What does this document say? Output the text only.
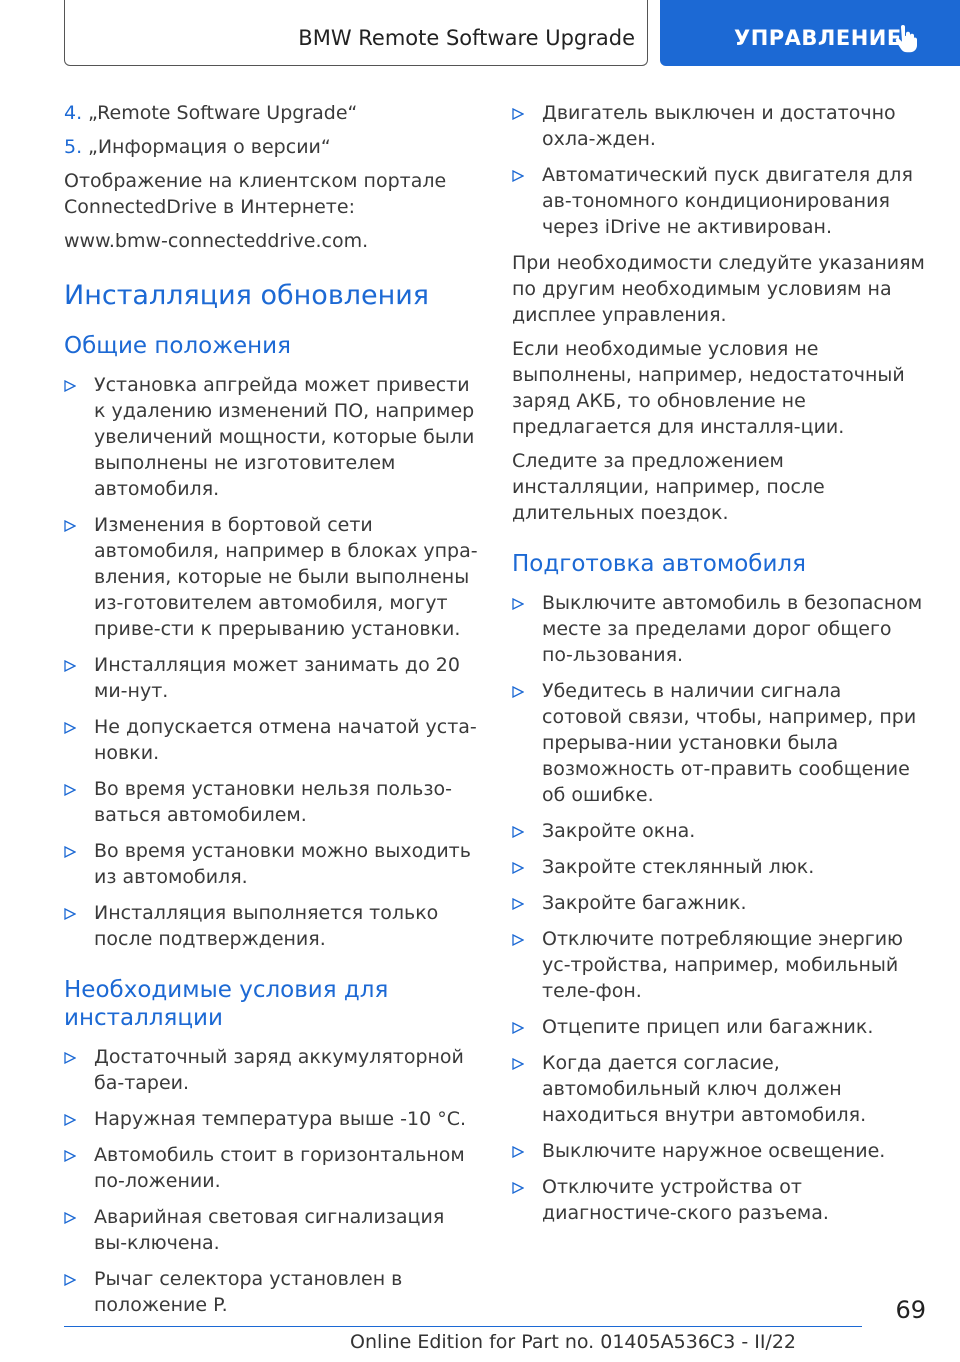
BMW Remote Software Upgrade	УПРАВЛЕНИЕ
4. „Remote Software Upgrade“
5. „Информация о версии“

Отображение на клиентском портале ConnectedDrive в Интернете:

www.bmw-connecteddrive.com.

Инсталляция обновления
Общие положения
Установка апгрейда может привести к удалению изменений ПО, например увеличений мощности, которые были выполнены не изготовителем автомобиля.
Изменения в бортовой сети автомобиля, например в блоках упра-вления, которые не были выполнены из-готовителем автомобиля, могут приве-сти к прерыванию установки.
Инсталляция может занимать до 20 ми-нут.
Не допускается отмена начатой уста-новки.
Во время установки нельзя пользо-ваться автомобилем.
Во время установки можно выходить из автомобиля.
Инсталляция выполняется только после подтверждения.
Необходимые условия для инсталляции
Достаточный заряд аккумуляторной ба-тареи.
Наружная температура выше -10 °C.
Автомобиль стоит в горизонтальном по-ложении.
Аварийная световая сигнализация вы-ключена.
Рычаг селектора установлен в положение P.
Двигатель выключен и достаточно охла-жден.
Автоматический пуск двигателя для ав-тономного кондиционирования через iDrive не активирован.

При необходимости следуйте указаниям по другим необходимым условиям на дисплее управления.

Если необходимые условия не выполнены, например, недостаточный заряд АКБ, то обновление не предлагается для инсталля-ции.

Следите за предложением инсталляции, например, после длительных поездок.

Подготовка автомобиля
Выключите автомобиль в безопасном месте за пределами дорог общего по-льзования.
Убедитесь в наличии сигнала сотовой связи, чтобы, например, при прерыва-нии установки была возможность от-править сообщение об ошибке.
Закройте окна.
Закройте стеклянный люк.
Закройте багажник.
Отключите потребляющие энергию ус-тройства, например, мобильный теле-фон.
Отцепите прицеп или багажник.
Когда дается согласие, автомобильный ключ должен находиться внутри автомобиля.
Выключите наружное освещение.
Отключите устройства от диагностиче-ского разъема.
69
Online Edition for Part no. 01405A536C3 - II/22
